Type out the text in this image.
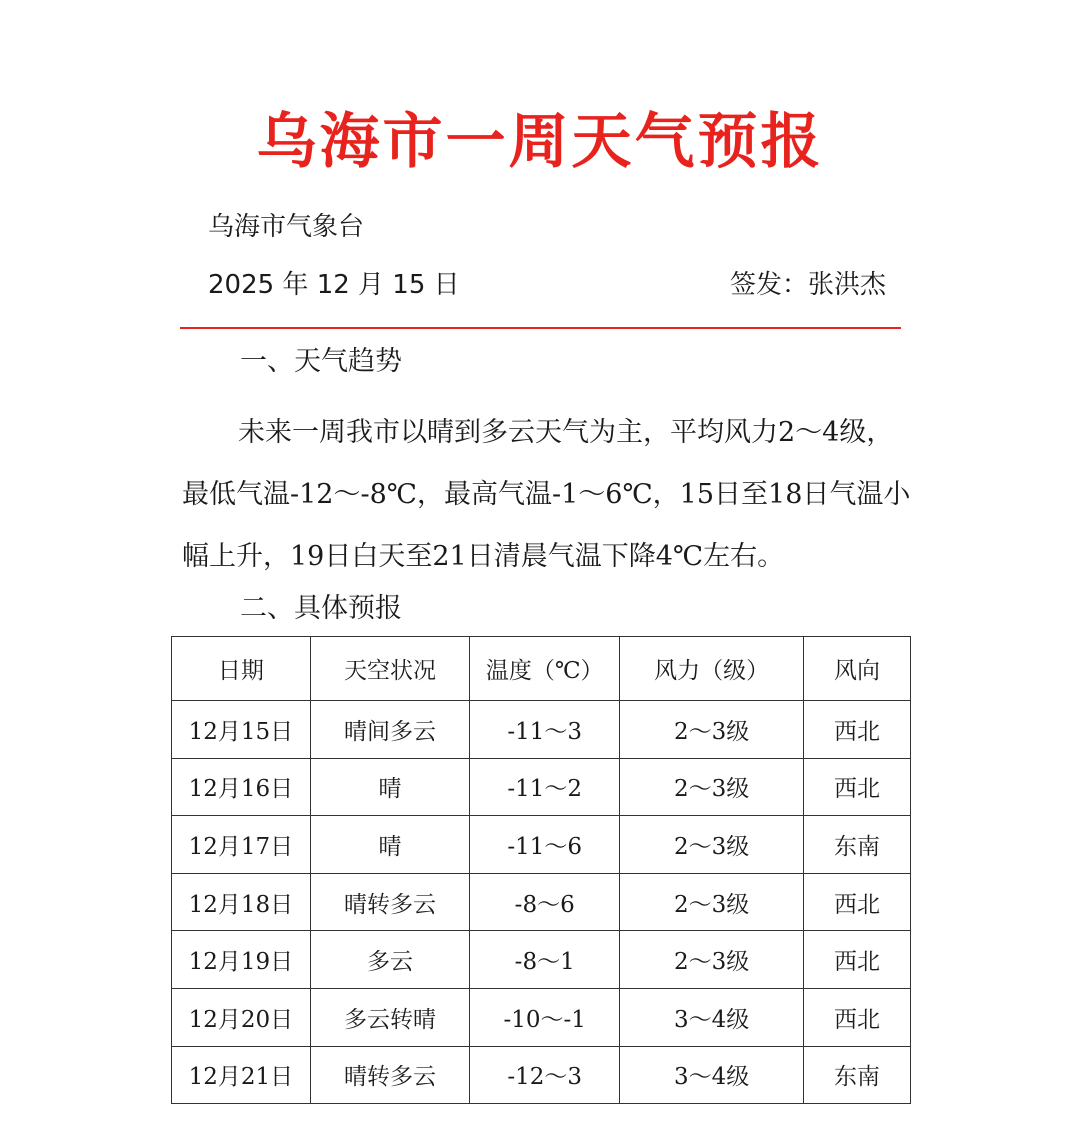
乌海市一周天气预报
乌海市气象台
2025 年 12 月 15 日	签发：张洪杰
一、天气趋势

未来一周我市以晴到多云天气为主，平均风力2～4级，最低气温-12～-8℃，最高气温-1～6℃，15日至18日气温小幅上升，19日白天至21日清晨气温下降4℃左右。

二、具体预报
日期	天空状况	温度（℃）	风力（级）	风向
12月15日	晴间多云	-11～3	2～3级	西北
12月16日	晴	-11～2	2～3级	西北
12月17日	晴	-11～6	2～3级	东南
12月18日	晴转多云	-8～6	2～3级	西北
12月19日	多云	-8～1	2～3级	西北
12月20日	多云转晴	-10～-1	3～4级	西北
12月21日	晴转多云	-12～3	3～4级	东南
